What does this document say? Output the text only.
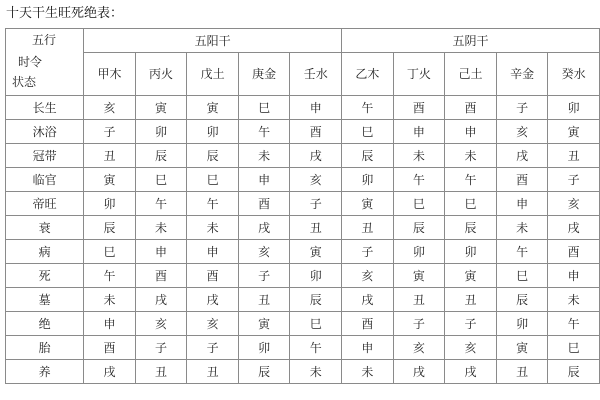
十天干生旺死绝表：
五行
时令
状态	五阳干					五阴干				
	甲木	丙火	戊土	庚金	壬水	乙木	丁火	己土	辛金	癸水
长生	亥	寅	寅	巳	申	午	酉	酉	子	卯
沐浴	子	卯	卯	午	酉	巳	申	申	亥	寅
冠带	丑	辰	辰	未	戌	辰	未	未	戌	丑
临官	寅	巳	巳	申	亥	卯	午	午	酉	子
帝旺	卯	午	午	酉	子	寅	巳	巳	申	亥
衰	辰	未	未	戌	丑	丑	辰	辰	未	戌
病	巳	申	申	亥	寅	子	卯	卯	午	酉
死	午	酉	酉	子	卯	亥	寅	寅	巳	申
墓	未	戌	戌	丑	辰	戌	丑	丑	辰	未
绝	申	亥	亥	寅	巳	酉	子	子	卯	午
胎	酉	子	子	卯	午	申	亥	亥	寅	巳
养	戌	丑	丑	辰	未	未	戌	戌	丑	辰
